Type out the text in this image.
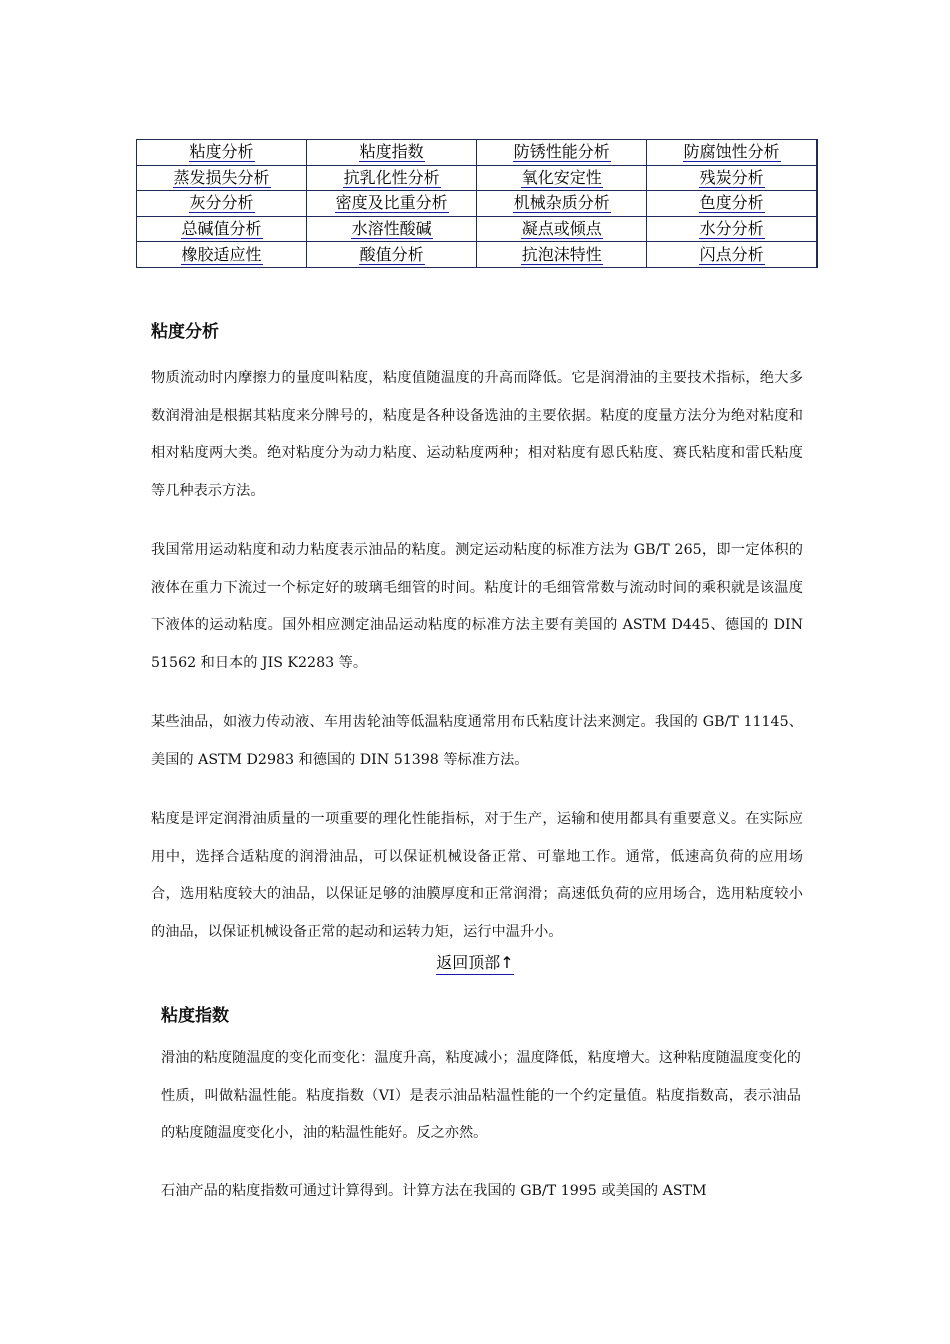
粘度分析	粘度指数	防锈性能分析	防腐蚀性分析
蒸发损失分析	抗乳化性分析	氧化安定性	残炭分析
灰分分析	密度及比重分析	机械杂质分析	色度分析
总碱值分析	水溶性酸碱	凝点或倾点	水分分析
橡胶适应性	酸值分析	抗泡沫特性	闪点分析
粘度分析

物质流动时内摩擦力的量度叫粘度，粘度值随温度的升高而降低。它是润滑油的主要技术指标，绝大多数润滑油是根据其粘度来分牌号的，粘度是各种设备选油的主要依据。粘度的度量方法分为绝对粘度和相对粘度两大类。绝对粘度分为动力粘度、运动粘度两种；相对粘度有恩氏粘度、赛氏粘度和雷氏粘度等几种表示方法。

我国常用运动粘度和动力粘度表示油品的粘度。测定运动粘度的标准方法为 GB/T 265，即一定体积的液体在重力下流过一个标定好的玻璃毛细管的时间。粘度计的毛细管常数与流动时间的乘积就是该温度下液体的运动粘度。国外相应测定油品运动粘度的标准方法主要有美国的 ASTM D445、德国的 DIN 51562 和日本的 JIS K2283 等。

某些油品，如液力传动液、车用齿轮油等低温粘度通常用布氏粘度计法来测定。我国的 GB/T 11145、美国的 ASTM D2983 和德国的 DIN 51398 等标准方法。

粘度是评定润滑油质量的一项重要的理化性能指标，对于生产，运输和使用都具有重要意义。在实际应用中，选择合适粘度的润滑油品，可以保证机械设备正常、可靠地工作。通常，低速高负荷的应用场合，选用粘度较大的油品，以保证足够的油膜厚度和正常润滑；高速低负荷的应用场合，选用粘度较小的油品，以保证机械设备正常的起动和运转力矩，运行中温升小。

返回顶部↑
粘度指数

滑油的粘度随温度的变化而变化：温度升高，粘度减小；温度降低，粘度增大。这种粘度随温度变化的性质，叫做粘温性能。粘度指数（VI）是表示油品粘温性能的一个约定量值。粘度指数高，表示油品的粘度随温度变化小，油的粘温性能好。反之亦然。

石油产品的粘度指数可通过计算得到。计算方法在我国的 GB/T 1995 或美国的 ASTM
